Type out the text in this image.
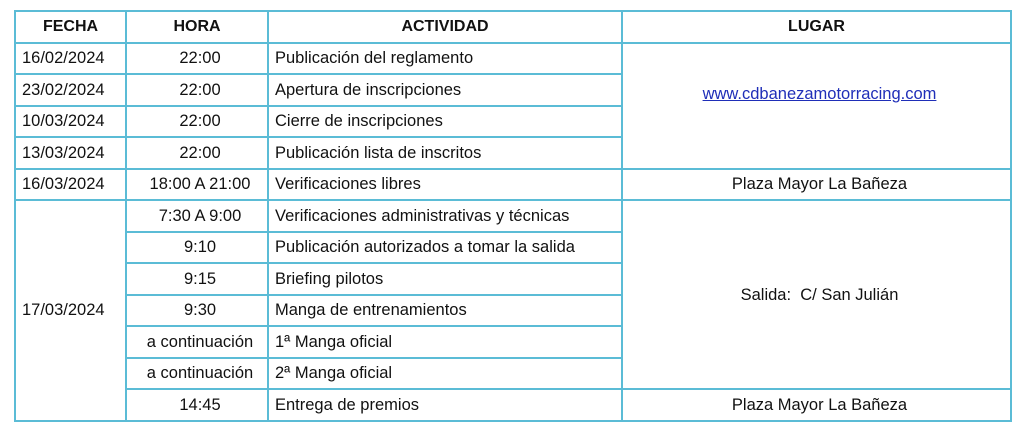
FECHA	HORA	ACTIVIDAD	LUGAR
16/02/2024	22:00	Publicación del reglamento	www.cdbanezamotorracing.com
23/02/2024	22:00	Apertura de inscripciones	
10/03/2024	22:00	Cierre de inscripciones	
13/03/2024	22:00	Publicación lista de inscritos	
16/03/2024	18:00 A 21:00	Verificaciones libres	Plaza Mayor La Bañeza
17/03/2024	7:30 A 9:00	Verificaciones administrativas y técnicas	Salida:  C/ San Julián
	9:10	Publicación autorizados a tomar la salida	
	9:15	Briefing pilotos	
	9:30	Manga de entrenamientos	
	a continuación	1ª Manga oficial	
	a continuación	2ª Manga oficial	
	14:45	Entrega de premios	Plaza Mayor La Bañeza
